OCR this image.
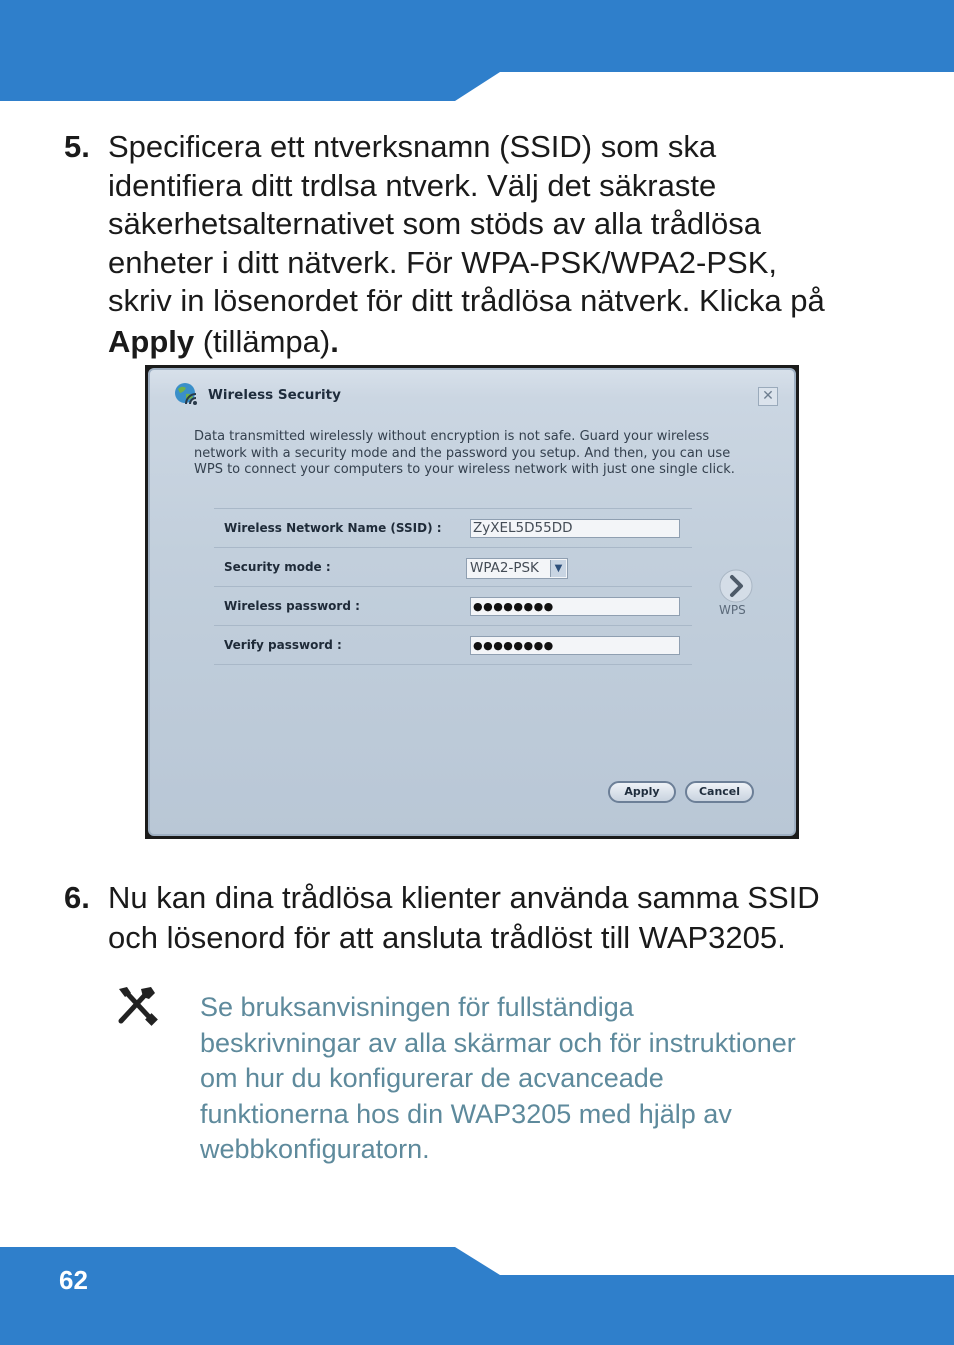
5. Specificera ett ntverksnamn (SSID) som ska

identifiera ditt trdlsa ntverk. Välj det säkraste

säkerhetsalternativet som stöds av alla trådlösa

enheter i ditt nätverk. För WPA-PSK/WPA2-PSK,

skriv in lösenordet för ditt trådlösa nätverk. Klicka på

Apply (tillämpa).

Wireless Security	✕
Data transmitted wirelessly without encryption is not safe. Guard your wireless network with a security mode and the password you setup. And then, you can use WPS to connect your computers to your wireless network with just one single click.
Wireless Network Name (SSID) : ZyXEL5D55DD
Security mode :	WPA2-PSK	▼
Wireless password :	●●●●●●●●
Verify password :	●●●●●●●●
WPS
Apply	Cancel
6. Nu kan dina trådlösa klienter använda samma SSID

och lösenord för att ansluta trådlöst till WAP3205.

Se bruksanvisningen för fullständiga
beskrivningar av alla skärmar och för instruktioner
om hur du konfigurerar de acvanceade
funktionerna hos din WAP3205 med hjälp av
webbkonfiguratorn.
62
